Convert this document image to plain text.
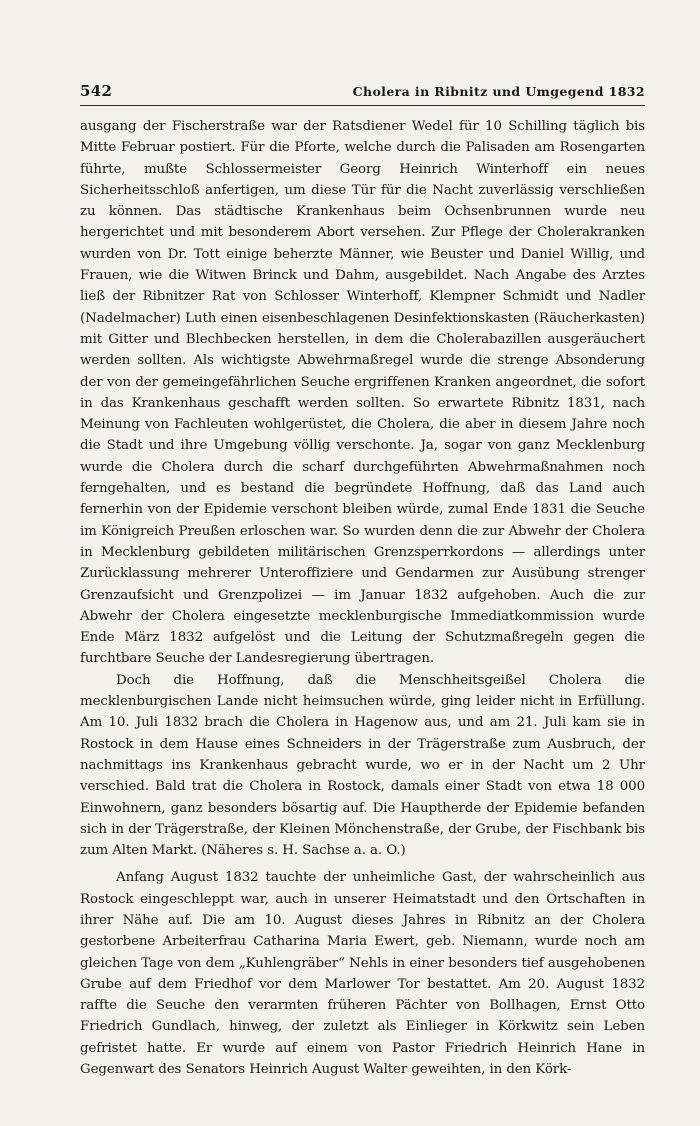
542	Cholera in Ribnitz und Umgegend 1832

ausgang der Fischerstraße war der Ratsdiener Wedel für 10 Schilling täglich bis Mitte Februar postiert. Für die Pforte, welche durch die Palisaden am Rosengarten führte, mußte Schlossermeister Georg Heinrich Winterhoff ein neues Sicherheitsschloß anfertigen, um diese Tür für die Nacht zuverlässig verschließen zu können. Das städtische Krankenhaus beim Ochsenbrunnen wurde neu hergerichtet und mit besonderem Abort versehen. Zur Pflege der Cholerakranken wurden von Dr. Tott einige beherzte Männer, wie Beuster und Daniel Willig, und Frauen, wie die Witwen Brinck und Dahm, ausgebildet. Nach Angabe des Arztes ließ der Ribnitzer Rat von Schlosser Winterhoff, Klempner Schmidt und Nadler (Nadelmacher) Luth einen eisenbeschlagenen Desinfektionskasten (Räucherkasten) mit Gitter und Blechbecken herstellen, in dem die Cholerabazillen ausgeräuchert werden sollten. Als wichtigste Abwehrmaßregel wurde die strenge Absonderung der von der gemeingefährlichen Seuche ergriffenen Kranken angeordnet, die sofort in das Krankenhaus geschafft werden sollten. So erwartete Ribnitz 1831, nach Meinung von Fachleuten wohlgerüstet, die Cholera, die aber in diesem Jahre noch die Stadt und ihre Umgebung völlig verschonte. Ja, sogar von ganz Mecklenburg wurde die Cholera durch die scharf durchgeführten Abwehrmaßnahmen noch ferngehalten, und es bestand die begründete Hoffnung, daß das Land auch fernerhin von der Epidemie verschont bleiben würde, zumal Ende 1831 die Seuche im Königreich Preußen erloschen war. So wurden denn die zur Abwehr der Cholera in Mecklenburg gebildeten militärischen Grenzsperrkordons — allerdings unter Zurücklassung mehrerer Unteroffiziere und Gendarmen zur Ausübung strenger Grenzaufsicht und Grenzpolizei — im Januar 1832 aufgehoben. Auch die zur Abwehr der Cholera eingesetzte mecklenburgische Immediatkommission wurde Ende März 1832 aufgelöst und die Leitung der Schutzmaßregeln gegen die furchtbare Seuche der Landesregierung übertragen.

Doch die Hoffnung, daß die Menschheitsgeißel Cholera die mecklenburgischen Lande nicht heimsuchen würde, ging leider nicht in Erfüllung. Am 10. Juli 1832 brach die Cholera in Hagenow aus, und am 21. Juli kam sie in Rostock in dem Hause eines Schneiders in der Trägerstraße zum Ausbruch, der nachmittags ins Krankenhaus gebracht wurde, wo er in der Nacht um 2 Uhr verschied. Bald trat die Cholera in Rostock, damals einer Stadt von etwa 18 000 Einwohnern, ganz besonders bösartig auf. Die Hauptherde der Epidemie befanden sich in der Trägerstraße, der Kleinen Mönchenstraße, der Grube, der Fischbank bis zum Alten Markt. (Näheres s. H. Sachse a. a. O.)

Anfang August 1832 tauchte der unheimliche Gast, der wahrscheinlich aus Rostock eingeschleppt war, auch in unserer Heimatstadt und den Ortschaften in ihrer Nähe auf. Die am 10. August dieses Jahres in Ribnitz an der Cholera gestorbene Arbeiterfrau Catharina Maria Ewert, geb. Niemann, wurde noch am gleichen Tage von dem „Kuhlengräber“ Nehls in einer besonders tief ausgehobenen Grube auf dem Friedhof vor dem Marlower Tor bestattet. Am 20. August 1832 raffte die Seuche den verarmten früheren Pächter von Bollhagen, Ernst Otto Friedrich Gundlach, hinweg, der zuletzt als Einlieger in Körkwitz sein Leben gefristet hatte. Er wurde auf einem von Pastor Friedrich Heinrich Hane in Gegenwart des Senators Heinrich August Walter geweihten, in den Körk-
